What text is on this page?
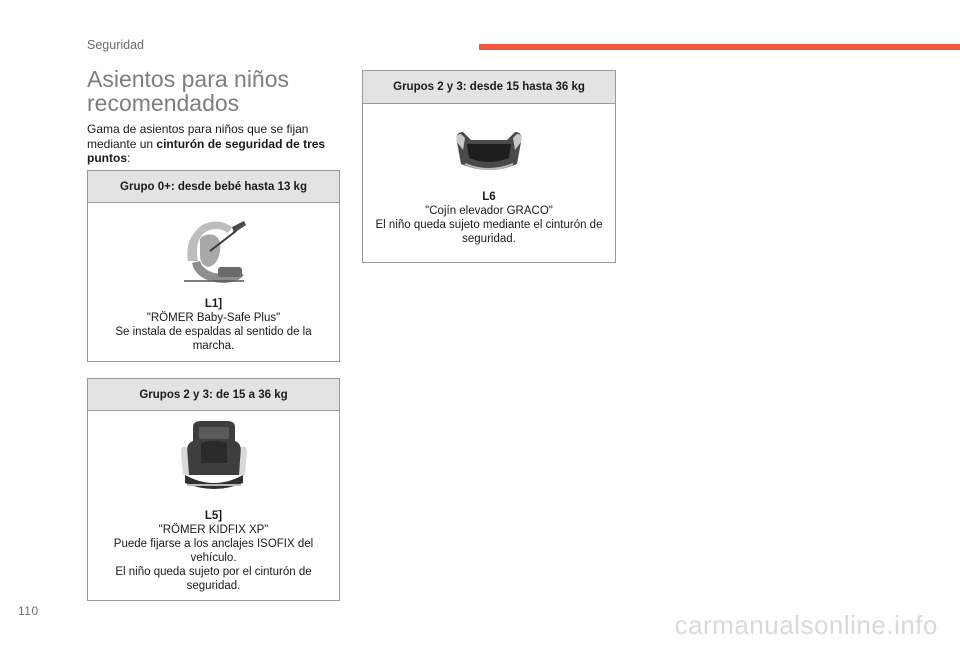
Seguridad
Asientos para niños
recomendados
Gama de asientos para niños que se fijan mediante un cinturón de seguridad de tres puntos:
Grupo 0+: desde bebé hasta 13 kg
L1]
"RÖMER Baby-Safe Plus"
Se instala de espaldas al sentido de la marcha.
Grupos 2 y 3: de 15 a 36 kg
L5]
"RÖMER KIDFIX XP"
Puede fijarse a los anclajes ISOFIX del vehículo.
El niño queda sujeto por el cinturón de seguridad.
Grupos 2 y 3: desde 15 hasta 36 kg
L6
"Cojín elevador GRACO"
El niño queda sujeto mediante el cinturón de seguridad.
110	carmanualsonline.info
